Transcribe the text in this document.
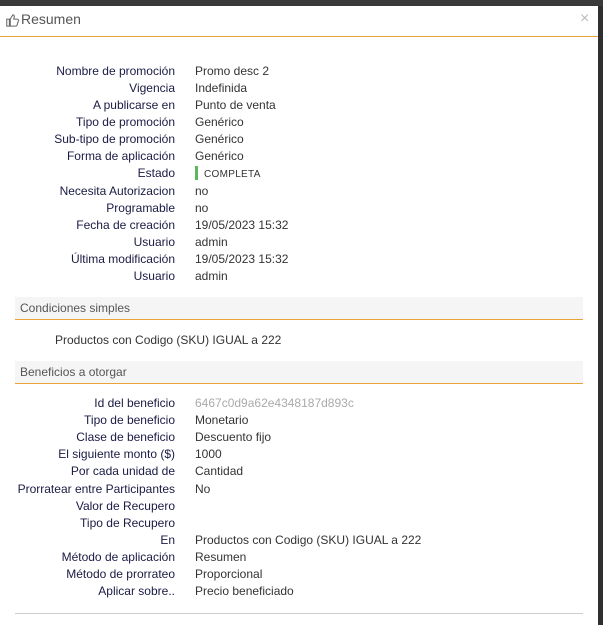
Resumen	×
Nombre de promoción Promo desc 2
Vigencia Indefinida
A publicarse en Punto de venta
Tipo de promoción Genérico
Sub-tipo de promoción Genérico
Forma de aplicación Genérico
Estado	COMPLETA
Necesita Autorizacion no
Programable no
Fecha de creación 19/05/2023 15:32
Usuario admin
Última modificación 19/05/2023 15:32
Usuario admin
Condiciones simples
Productos con Codigo (SKU) IGUAL a 222
Beneficios a otorgar
Id del beneficio 6467c0d9a62e4348187d893c
Tipo de beneficio Monetario
Clase de beneficio Descuento fijo
El siguiente monto ($) 1000
Por cada unidad de Cantidad
Prorratear entre Participantes No
Valor de Recupero
Tipo de Recupero
En Productos con Codigo (SKU) IGUAL a 222
Método de aplicación Resumen
Método de prorrateo Proporcional
Aplicar sobre.. Precio beneficiado
